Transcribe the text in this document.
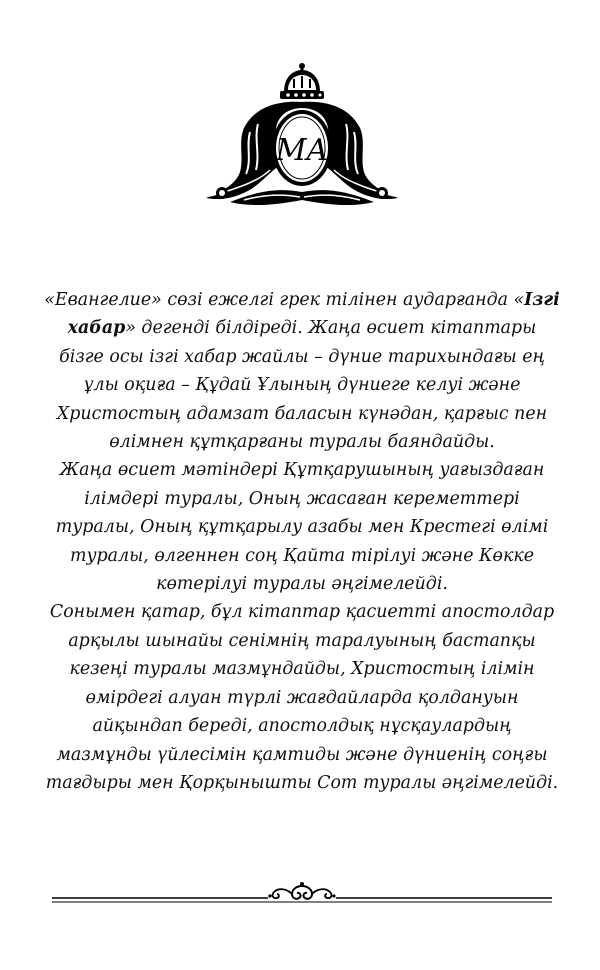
MA

«Евангелие» сөзі ежелгі грек тілінен аударғанда «Ізгі хабар» дегенді білдіреді. Жаңа өсиет кітаптары бізге осы ізгі хабар жайлы – дүние тарихындағы ең ұлы оқиға – Құдай Ұлының дүниеге келуі және Христостың адамзат баласын күнәдан, қарғыс пен өлімнен құтқарғаны туралы баяндайды.

Жаңа өсиет мәтіндері Құтқарушының уағыздаған ілімдері туралы, Оның жасаған кереметтері туралы, Оның құтқарылу азабы мен Крестегі өлімі туралы, өлгеннен соң Қайта тірілуі және Көкке көтерілуі туралы әңгімелейді.

Сонымен қатар, бұл кітаптар қасиетті апостолдар арқылы шынайы сенімнің таралуының бастапқы кезеңі туралы мазмұндайды, Христостың ілімін өмірдегі алуан түрлі жағдайларда қолдануын айқындап береді, апостолдық нұсқаулардың мазмұнды үйлесімін қамтиды және дүниенің соңғы тағдыры мен Қорқынышты Сот туралы әңгімелейді.
